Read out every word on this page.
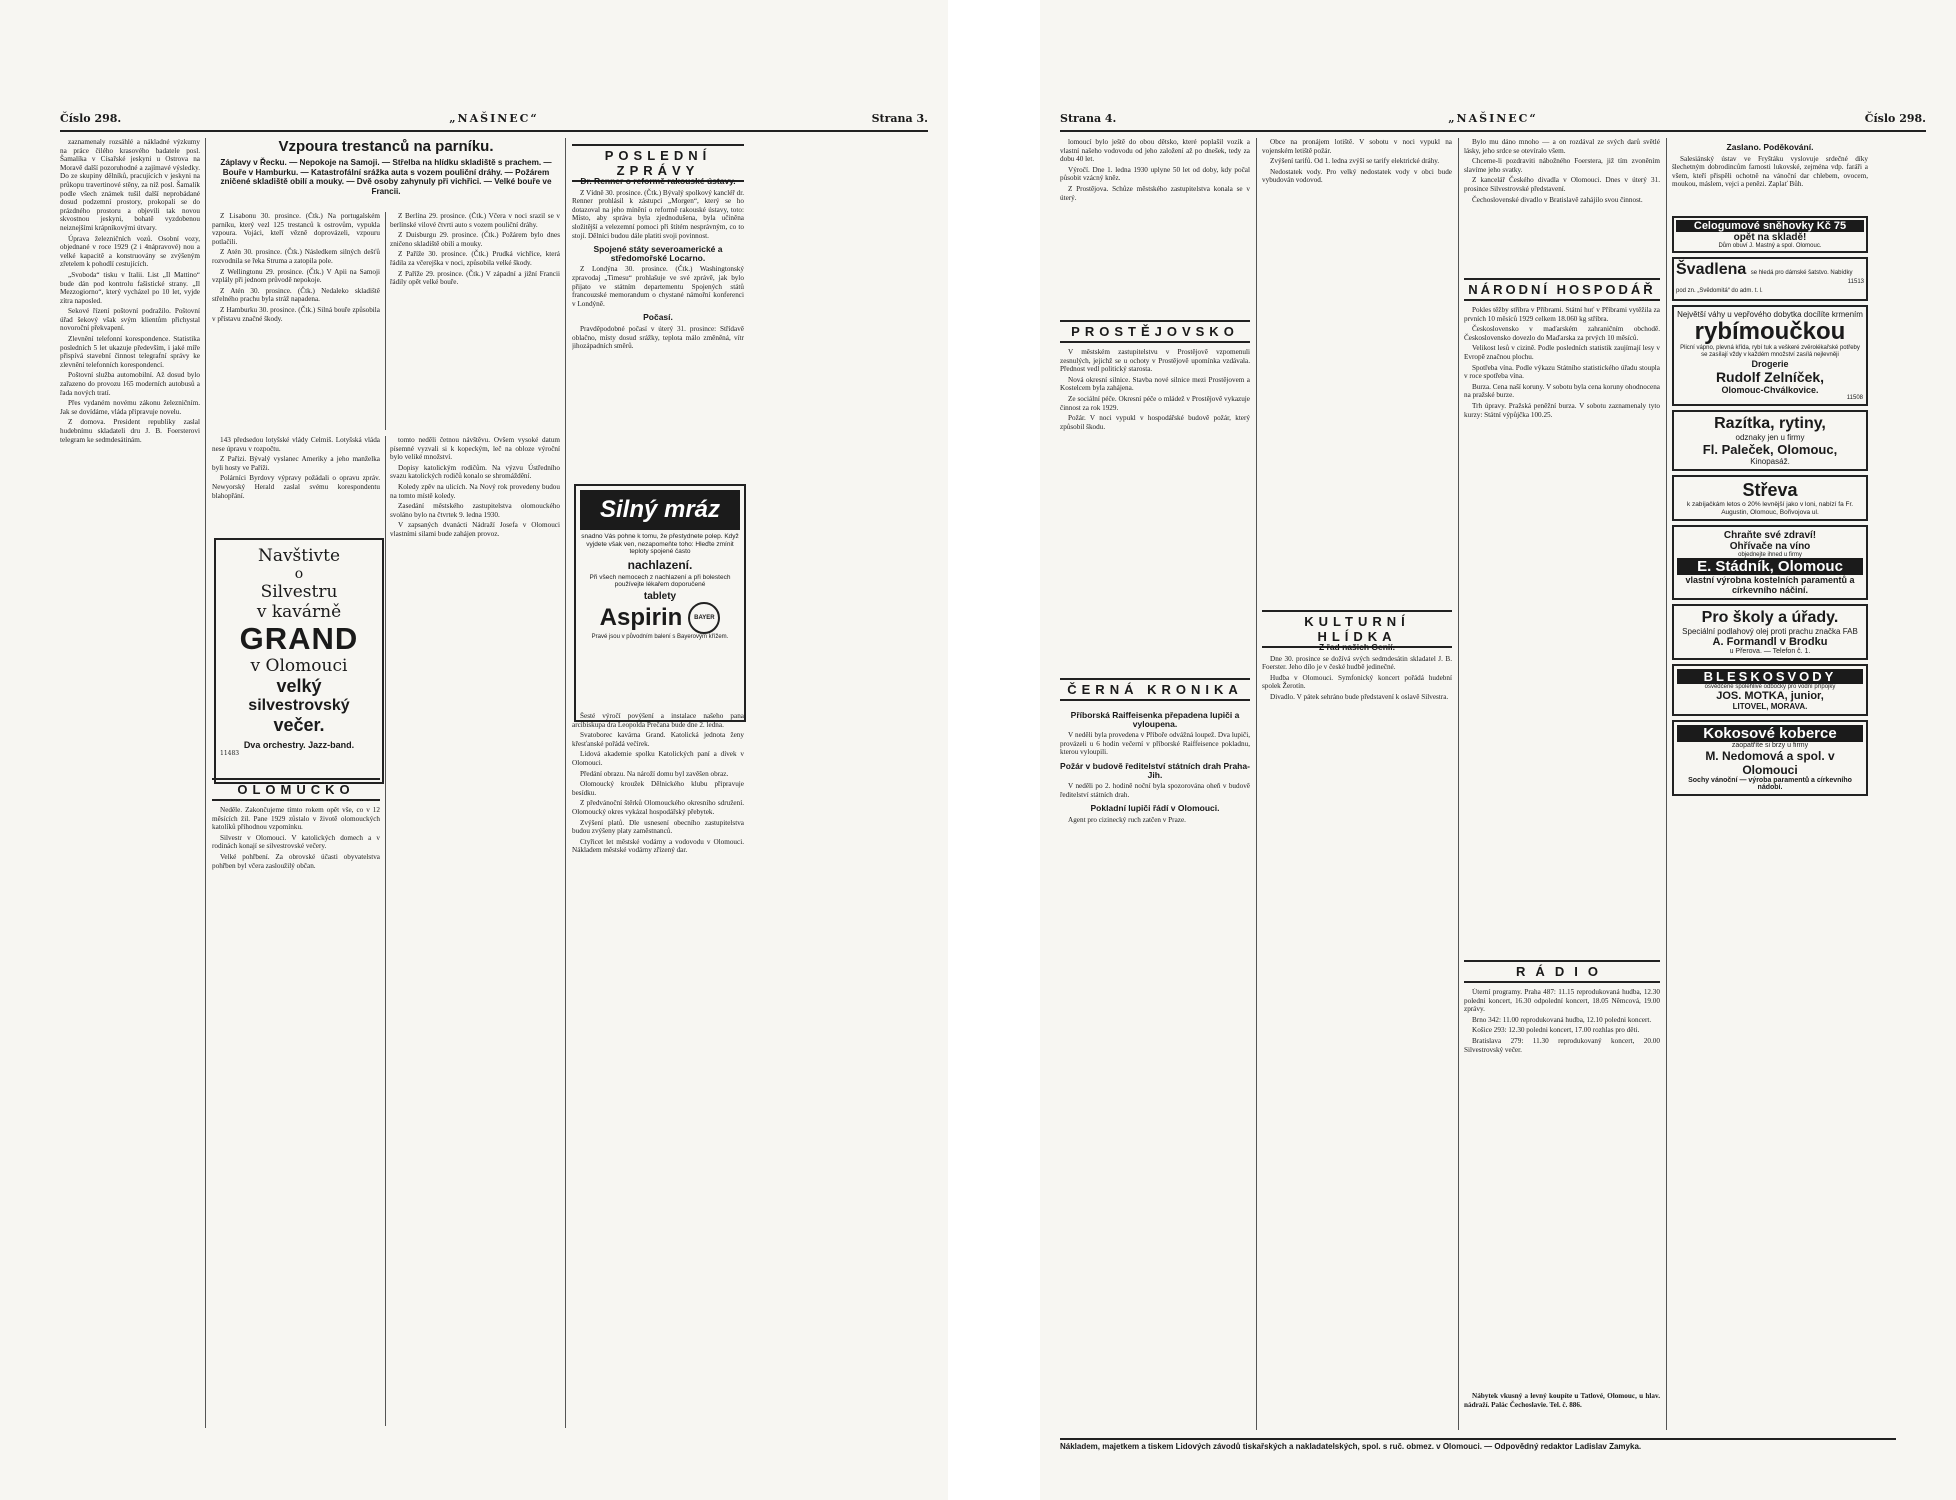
Číslo 298.	„NAŠINEC“	Strana 3.

zaznamenaly rozsáhlé a nákladné výzkumy na práce čilého krasového badatele posl. Šamalíka v Císařské jeskyni u Ostrova na Moravě další pozoruhodné a zajímavé výsledky. Do ze skupiny dělníků, pracujících v jeskyni na průkopu travertinové stěny, za níž posl. Šamalík podle všech známek tušil další neprobádané dosud podzemní prostory, prokopali se do prázdného prostoru a objevili tak novou skvostnou jeskyni, bohatě vyzdobenou neiznejšími krápníkovými útvary.

Úprava železničních vozů. Osobní vozy, objednané v roce 1929 (2 i 4nápravové) nou a velké kapacitě a konstruovány se zvýšeným zřetelem k pohodlí cestujících.

„Svoboda“ tisku v Italii. List „Il Mattino“ bude dán pod kontrolu fašistické strany. „Il Mezzogiorno“, který vycházel po 10 let, vyjde zítra naposled.

Sekové řízení poštovní podražilo. Poštovní úřad šekový však svým klientům přichystal novoroční překvapení.

Zlevnění telefonní korespondence. Statistika posledních 5 let ukazuje především, i jaké míře přispívá stavební činnost telegrafní správy ke zlevnění telefonních korespondencí.

Poštovní služba automobilní. Až dosud bylo zařazeno do provozu 165 moderních autobusů a řada nových tratí.

Přes vydaném novému zákonu železničním. Jak se dovídáme, vláda připravuje novelu.

Z domova. President republiky zaslal hudebnímu skladateli dru J. B. Foersterovi telegram ke sedmdesátinám.

Vzpoura trestanců na parníku.
Záplavy v Řecku. — Nepokoje na Samoji. — Střelba na hlídku skladiště s prachem. — Bouře v Hamburku. — Katastrofální srážka auta s vozem pouliční dráhy. — Požárem zničené skladiště obilí a mouky. — Dvě osoby zahynuly při vichřici. — Velké bouře ve Francii.

Z Lisabonu 30. prosince. (Čtk.) Na portugalském parníku, který vezl 125 trestanců k ostrovům, vypukla vzpoura. Vojáci, kteří vězně doprovázeli, vzpouru potlačili.

Z Atén 30. prosince. (Čtk.) Následkem silných dešťů rozvodnila se řeka Struma a zatopila pole.

Z Wellingtonu 29. prosince. (Čtk.) V Apii na Samoji vzplály při jednom průvodě nepokoje.

Z Atén 30. prosince. (Čtk.) Nedaleko skladiště střelného prachu byla stráž napadena.

Z Hamburku 30. prosince. (Čtk.) Silná bouře způsobila v přístavu značné škody.

Z Berlína 29. prosince. (Čtk.) Včera v noci srazil se v berlínské vilové čtvrti auto s vozem pouliční dráhy.

Z Duisburgu 29. prosince. (Čtk.) Požárem bylo dnes zničeno skladiště obilí a mouky.

Z Paříže 30. prosince. (Čtk.) Prudká vichřice, která řádila za včerejška v noci, způsobila velké škody.

Z Paříže 29. prosince. (Čtk.) V západní a jižní Francii řádily opět velké bouře.

143 předsedou lotyšské vlády Celmiš. Lotyšská vláda nese úpravu v rozpočtu.

Z Pařízi. Bývalý vyslanec Ameriky a jeho manželka byli hosty ve Paříži.

Polárníci Byrdovy výpravy požádali o opravu zpráv. Newyorský Herald zaslal svému korespondentu blahopřání.

Navštivte
o
Silvestru
v kavárně
GRAND
v Olomouci
velký
silvestrovský
večer.
Dva orchestry. Jazz-band.
11483
OLOMUCKO

Neděle. Zakončujeme tímto rokem opět vše, co v 12 měsících žil. Pane 1929 zůstalo v životě olomouckých katolíků příhodnou vzpomínku.

Silvestr v Olomouci. V katolických domech a v rodinách konají se silvestrovské večery.

Velké pohřbení. Za obrovské účasti obyvatelstva pohřben byl včera zasloužilý občan.

tomto neděli četnou návštěvu. Ovšem vysoké datum písemné vyzvali si k kopeckým, leč na obloze výroční bylo veliké množství.

Dopisy katolickým rodičům. Na výzvu Ústředního svazu katolických rodičů konalo se shromáždění.

Koledy zpěv na ulicích. Na Nový rok provedeny budou na tomto místě koledy.

Zasedání městského zastupitelstva olomouckého svoláno bylo na čtvrtek 9. ledna 1930.

V zapsaných dvanácti Nádraží Josefa v Olomouci vlastními silami bude zahájen provoz.

POSLEDNÍ ZPRÁVY
Dr. Renner o reformě rakouské ústavy.

Z Vídně 30. prosince. (Čtk.) Bývalý spolkový kancléř dr. Renner prohlásil k zástupci „Morgen“, který se ho dotazoval na jeho mínění o reformě rakouské ústavy, toto: Místo, aby správa byla zjednodušena, byla učiněna složitější a velezemní pomoci při štítém nesprávným, co to stojí. Dělníci budou dále platiti svoji povinnost.

Spojené státy severoamerické a středomořské Locarno.

Z Londýna 30. prosince. (Čtk.) Washingtonský zpravodaj „Timesu“ prohlašuje ve své zprávě, jak bylo přijato ve státním departementu Spojených států francouzské memorandum o chystané námořní konferenci v Londýně.

Počasí.

Pravděpodobné počasí v úterý 31. prosince: Střídavě oblačno, místy dosud srážky, teplota málo změněná, vítr jihozápadních směrů.

Silný mráz
snadno Vás pohne k tomu, že přestydnete polep. Když vyjdete však ven, nezapomeňte toho: Hleďte zmínit teploty spojené často
nachlazení.
Při všech nemocech z nachlazení a při bolestech používejte lékařem doporučené
tablety
Aspirin	BAYER
Pravé jsou v původním balení s Bayerovým křížem.

Šesté výročí povýšení a instalace našeho pana arcibiskupa dra Leopolda Prečana bude dne 2. ledna.

Svatoborec kavárna Grand. Katolická jednota ženy křesťanské pořádá večírek.

Lidová akademie spolku Katolických paní a dívek v Olomouci.

Předání obrazu. Na nároží domu byl zavěšen obraz.

Olomoucký kroužek Dělnického klubu připravuje besídku.

Z předvánoční štěrků Olomouckého okresního sdružení. Olomoucký okres vykázal hospodářský přebytek.

Zvýšení platů. Dle usnesení obecního zastupitelstva budou zvýšeny platy zaměstnanců.

Ctyřicet let městské vodárny a vodovodu v Olomouci. Nákladem městské vodárny zřízený dar.

Strana 4.	„NAŠINEC“	Číslo 298.

lomoucí bylo ještě do obou dětsko, které poplašil vozík a vlastní našeho vodovodu od jeho založení až po dnešek, tedy za dobu 40 let.

Výročí. Dne 1. ledna 1930 uplyne 50 let od doby, kdy počal působit vzácný kněz.

Z Prostějova. Schůze městského zastupitelstva konala se v úterý.

PROSTĚJOVSKO

V městském zastupitelstvu v Prostějově vzpomenuli zesnulých, jejichž se u ochoty v Prostějově upomínka vzdávala. Přednost vedl politický starosta.

Nová okresní silnice. Stavba nové silnice mezi Prostějovem a Kostelcem byla zahájena.

Ze sociální péče. Okresní péče o mládež v Prostějově vykazuje činnost za rok 1929.

Požár. V noci vypukl v hospodářské budově požár, který způsobil škodu.

ČERNÁ KRONIKA
Příborská Raiffeisenka přepadena lupiči a vyloupena.

V neděli byla provedena v Příboře odvážná loupež. Dva lupiči, provázeli u 6 hodin večerní v příborské Raiffeisence pokladnu, kterou vyloupili.

Požár v budově ředitelství státních drah Praha-Jih.

V neděli po 2. hodině noční byla spozorována oheň v budově ředitelství státních drah.

Pokladní lupiči řádí v Olomouci.

Agent pro cizinecký ruch zatčen v Praze.

Obce na pronájem lotiště. V sobotu v noci vypukl na vojenském letiště požár.

Zvýšení tarifů. Od 1. ledna zvýší se tarify elektrické dráhy.

Nedostatek vody. Pro velký nedostatek vody v obci bude vybudován vodovod.

KULTURNÍ HLÍDKA
Z řad našich Genií.

Dne 30. prosince se dožívá svých sedmdesátin skladatel J. B. Foerster. Jeho dílo je v české hudbě jedinečné.

Hudba v Olomouci. Symfonický koncert pořádá hudební spolek Žerotín.

Divadlo. V pátek sehráno bude představení k oslavě Silvestra.

Bylo mu dáno mnoho — a on rozdával ze svých darů světlé lásky, jeho srdce se otevíralo všem.

Chceme-li pozdraviti nábožného Foerstera, již tím zvoněním slavíme jeho svatky.

Z kancelář Českého divadla v Olomouci. Dnes v úterý 31. prosince Silvestrovské představení.

Čechoslovenské divadlo v Bratislavě zahájilo svou činnost.

NÁRODNÍ HOSPODÁŘ

Pokles těžby stříbra v Příbrami. Státní huť v Příbrami vytěžila za prvních 10 měsíců 1929 celkem 18.060 kg stříbra.

Československo v maďarském zahraničním obchodě. Československo dovezlo do Maďarska za prvých 10 měsíců.

Velikost lesů v cizině. Podle posledních statistik zaujímají lesy v Evropě značnou plochu.

Spotřeba vína. Podle výkazu Státního statistického úřadu stoupla v roce spotřeba vína.

Burza. Cena naší koruny. V sobotu byla cena koruny ohodnocena na pražské burze.

Trh úpravy. Pražská peněžní burza. V sobotu zaznamenaly tyto kurzy: Státní výpůjčka 100.25.

RÁDIO

Úterní programy. Praha 487: 11.15 reprodukovaná hudba, 12.30 poledni koncert, 16.30 odpolední koncert, 18.05 Němcová, 19.00 zprávy.

Brno 342: 11.00 reprodukovaná hudba, 12.10 poledni koncert.

Košice 293: 12.30 poledni koncert, 17.00 rozhlas pro děti.

Bratislava 279: 11.30 reprodukovaný koncert, 20.00 Silvestrovský večer.

Nábytek vkusný a levný koupíte u Tatlové, Olomouc, u hlav. nádraží. Palác Čechoslavie. Tel. č. 886.

Zaslano. Poděkování.

Salesiánský ústav ve Fryštáku vyslovuje srdečné díky šlechetným dobrodincům farnosti lukovské, zejména vdp. faráři a všem, kteří přispěli ochotně na vánoční dar chlebem, ovocem, moukou, máslem, vejci a penězi. Zaplať Bůh.

Celogumové sněhovky Kč 75
opět na skladě!
Dům obuví J. Mastný a spol. Olomouc.
Švadlena se hledá pro dámské šatstvo. Nabídky pod zn. „Svědomitá“ do adm. t. l.
11513
Největší váhy u vepřového dobytka docílíte krmením
rybímoučkou
Plicní vápno, plevná křída, rybí tuk a veškeré zvěrolékařské potřeby se zasílají vždy v každém množství zasílá nejlevněji
Drogerie
Rudolf Zelníček,
Olomouc-Chválkovice.
11508
Razítka, rytiny,
odznaky jen u firmy
Fl. Paleček, Olomouc,
Kinopasáž.
Střeva
k zabíjačkám letos o 20% levnější jako v loni, nabízí fa Fr. Augustin, Olomouc, Bořivojova ul.
Chraňte své zdraví!
Ohřívače na víno
objednejte ihned u firmy
E. Stádník, Olomouc
vlastní výrobna kostelních paramentů a církevního náčiní.
Pro školy a úřady.
Speciální podlahový olej proti prachu značka FAB
A. Formandl v Brodku
u Přerova. — Telefon č. 1.
BLESKOSVODY
osvědčené spolehlivé odbočky pro vodní přípojky
JOS. MOTKA, junior,
LITOVEL, MORAVA.
Kokosové koberce
zaopatříte si brzy u firmy
M. Nedomová a spol. v Olomouci
Sochy vánoční — výroba paramentů a církevního nádobí.
Nákladem, majetkem a tiskem Lidových závodů tiskařských a nakladatelských, spol. s ruč. obmez. v Olomouci. — Odpovědný redaktor Ladislav Zamyka.
